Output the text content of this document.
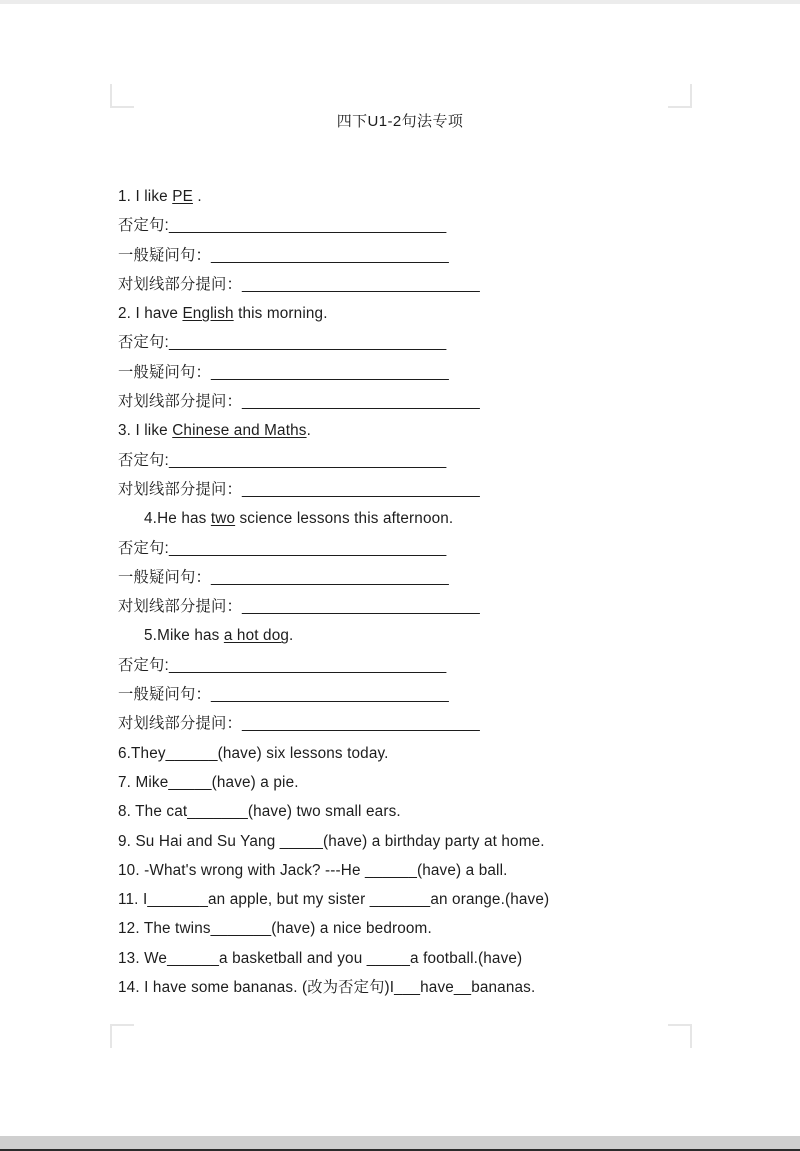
四下U1-2句法专项
1. I like PE .
否定句:___________________________________
一般疑问句：______________________________
对划线部分提问：______________________________
2. I have English this morning.
否定句:___________________________________
一般疑问句：______________________________
对划线部分提问：______________________________
3. I like Chinese and Maths.
否定句:___________________________________
对划线部分提问：______________________________
4.He has two science lessons this afternoon.
否定句:___________________________________
一般疑问句：______________________________
对划线部分提问：______________________________
5.Mike has a hot dog.
否定句:___________________________________
一般疑问句：______________________________
对划线部分提问：______________________________
6.They______(have) six lessons today.
7. Mike_____(have) a pie.
8. The cat_______(have) two small ears.
9. Su Hai and Su Yang _____(have) a birthday party at home.
10. -What's wrong with Jack? ---He ______(have) a ball.
11. I_______an apple, but my sister _______an orange.(have)
12. The twins_______(have) a nice bedroom.
13. We______a basketball and you _____a football.(have)
14. I have some bananas. (改为否定句)I___have__bananas.
